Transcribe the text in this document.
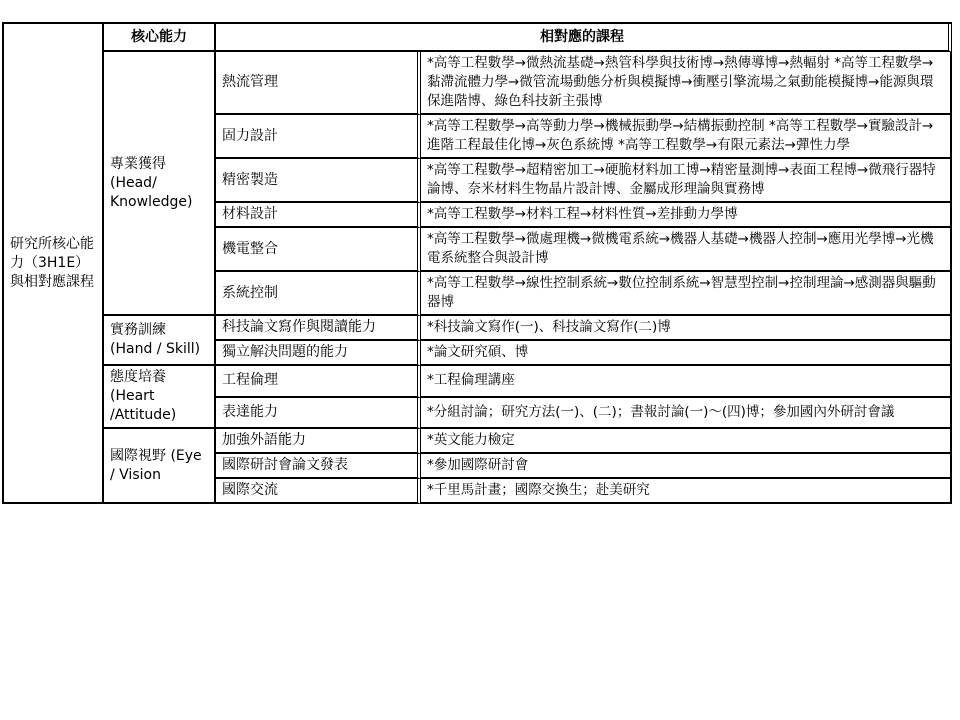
研究所核心能力（3H1E）與相對應課程	核心能力	相對應的課程	
	專業獲得 (Head/ Knowledge)	熱流管理	*高等工程數學→微熱流基礎→熱管科學與技術博→熱傳導博→熱輻射 *高等工程數學→黏滯流體力學→微管流場動態分析與模擬博→衝壓引擎流場之氣動能模擬博→能源與環保進階博、綠色科技新主張博
		固力設計	*高等工程數學→高等動力學→機械振動學→結構振動控制 *高等工程數學→實驗設計→進階工程最佳化博→灰色系統博 *高等工程數學→有限元素法→彈性力學
		精密製造	*高等工程數學→超精密加工→硬脆材料加工博→精密量測博→表面工程博→微飛行器特論博、奈米材料生物晶片設計博、金屬成形理論與實務博
		材料設計	*高等工程數學→材料工程→材料性質→差排動力學博
		機電整合	*高等工程數學→微處理機→微機電系統→機器人基礎→機器人控制→應用光學博→光機電系統整合與設計博
		系統控制	*高等工程數學→線性控制系統→數位控制系統→智慧型控制→控制理論→感測器與驅動器博
	實務訓練 (Hand / Skill)	科技論文寫作與閱讀能力	*科技論文寫作(一)、科技論文寫作(二)博
		獨立解決問題的能力	*論文研究碩、博
	態度培養 (Heart /Attitude)	工程倫理	*工程倫理講座
		表達能力	*分組討論；研究方法(一)、(二)；書報討論(一)～(四)博；參加國內外研討會議
	國際視野 (Eye / Vision	加強外語能力	*英文能力檢定
		國際研討會論文發表	*參加國際研討會
		國際交流	*千里馬計畫；國際交換生；赴美研究
